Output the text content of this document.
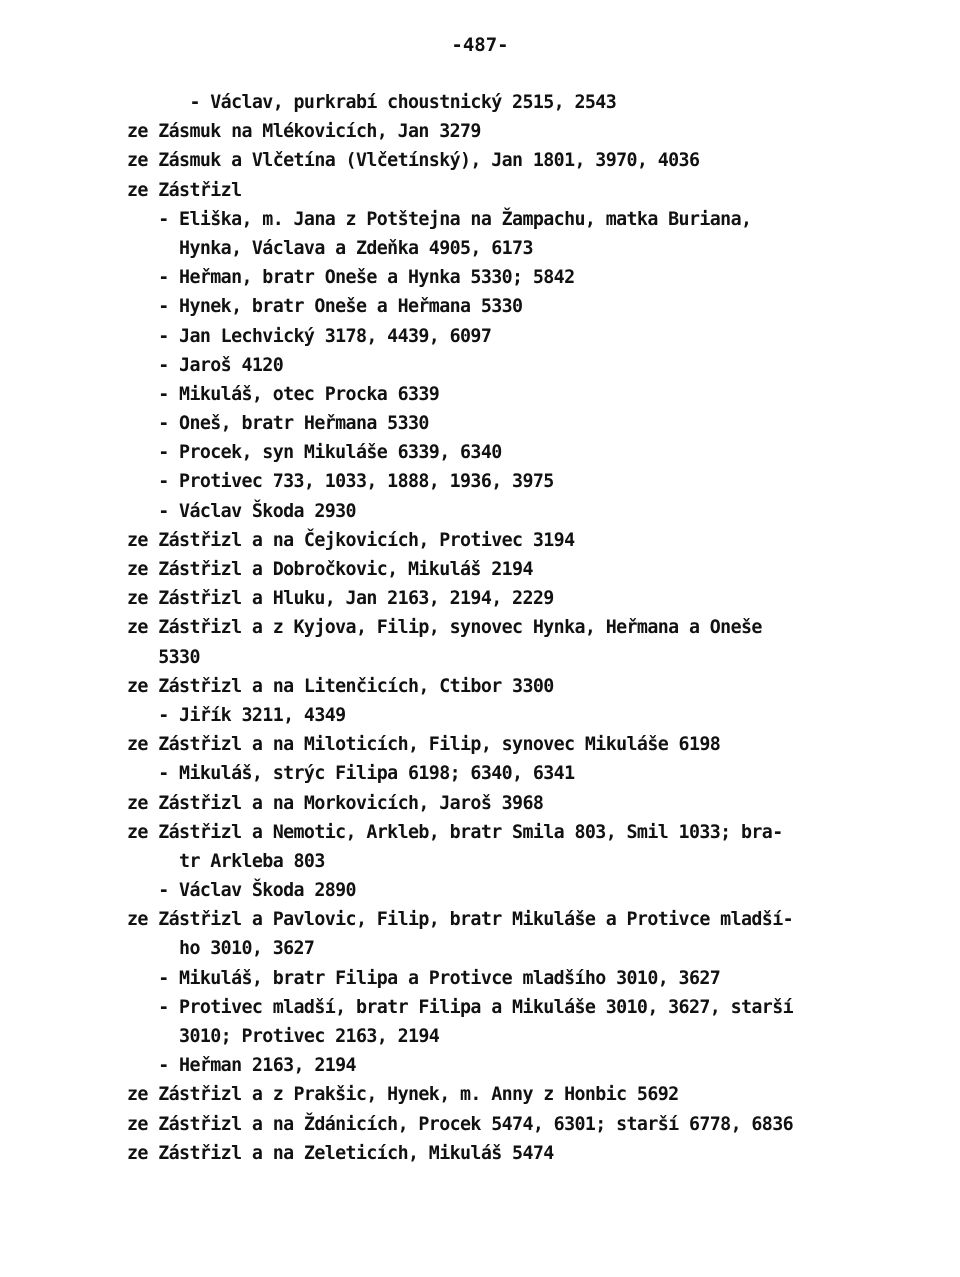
-487-
- Václav, purkrabí choustnický 2515, 2543
ze Zásmuk na Mlékovicích, Jan 3279
ze Zásmuk a Vlčetína (Vlčetínský), Jan 1801, 3970, 4036
ze Zástřizl
- Eliška, m. Jana z Potštejna na Žampachu, matka Buriana,
Hynka, Václava a Zdeňka 4905, 6173
- Heřman, bratr Oneše a Hynka 5330; 5842
- Hynek, bratr Oneše a Heřmana 5330
- Jan Lechvický 3178, 4439, 6097
- Jaroš 4120
- Mikuláš, otec Procka 6339
- Oneš, bratr Heřmana 5330
- Procek, syn Mikuláše 6339, 6340
- Protivec 733, 1033, 1888, 1936, 3975
- Václav Škoda 2930
ze Zástřizl a na Čejkovicích, Protivec 3194
ze Zástřizl a Dobročkovic, Mikuláš 2194
ze Zástřizl a Hluku, Jan 2163, 2194, 2229
ze Zástřizl a z Kyjova, Filip, synovec Hynka, Heřmana a Oneše
5330
ze Zástřizl a na Litenčicích, Ctibor 3300
- Jiřík 3211, 4349
ze Zástřizl a na Miloticích, Filip, synovec Mikuláše 6198
- Mikuláš, strýc Filipa 6198; 6340, 6341
ze Zástřizl a na Morkovicích, Jaroš 3968
ze Zástřizl a Nemotic, Arkleb, bratr Smila 803, Smil 1033; bra-
tr Arkleba 803
- Václav Škoda 2890
ze Zástřizl a Pavlovic, Filip, bratr Mikuláše a Protivce mladší-
ho 3010, 3627
- Mikuláš, bratr Filipa a Protivce mladšího 3010, 3627
- Protivec mladší, bratr Filipa a Mikuláše 3010, 3627, starší
3010; Protivec 2163, 2194
- Heřman 2163, 2194
ze Zástřizl a z Prakšic, Hynek, m. Anny z Honbic 5692
ze Zástřizl a na Ždánicích, Procek 5474, 6301; starší 6778, 6836
ze Zástřizl a na Zeleticích, Mikuláš 5474
